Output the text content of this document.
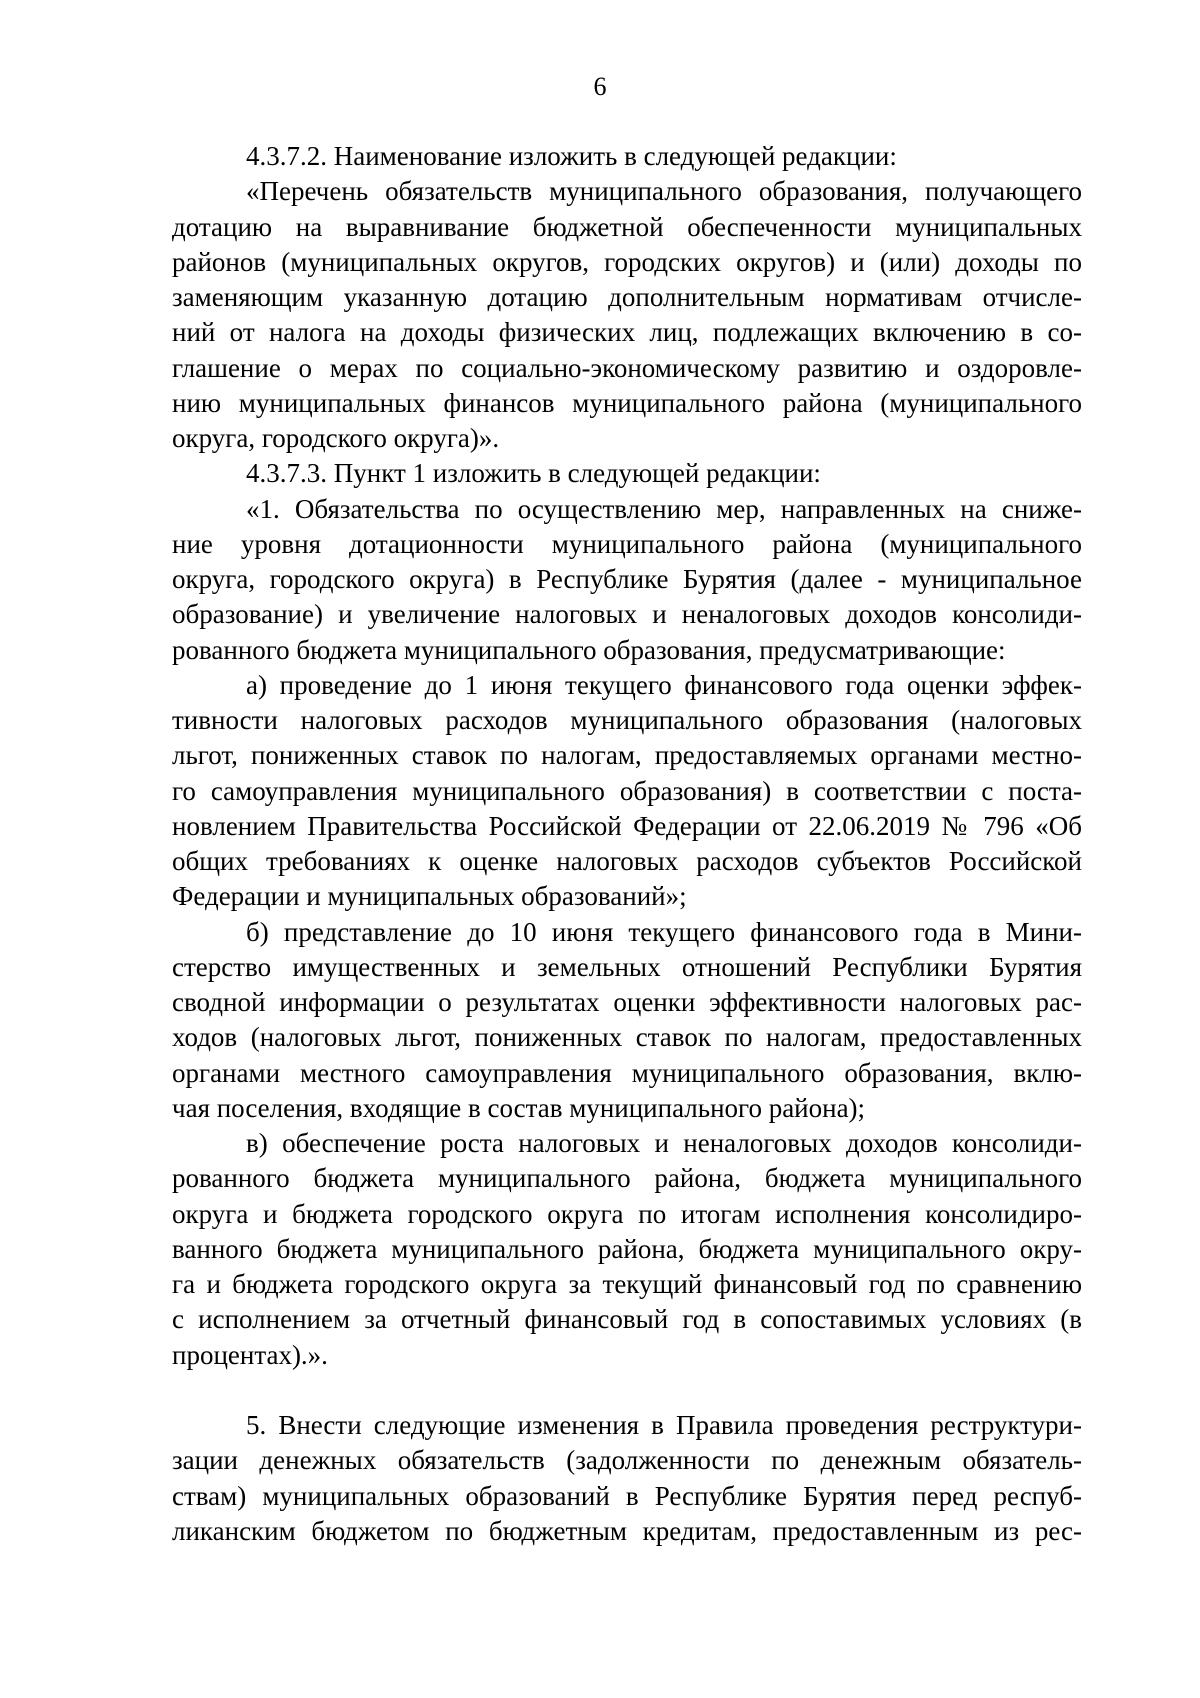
6
4.3.7.2. Наименование изложить в следующей редакции:
«Перечень обязательств муниципального образования, получающего
дотацию на выравнивание бюджетной обеспеченности муниципальных
районов (муниципальных округов, городских округов) и (или) доходы по
заменяющим указанную дотацию дополнительным нормативам отчисле-
ний от налога на доходы физических лиц, подлежащих включению в со-
глашение о мерах по социально-экономическому развитию и оздоровле-
нию муниципальных финансов муниципального района (муниципального
округа, городского округа)».
4.3.7.3. Пункт 1 изложить в следующей редакции:
«1. Обязательства по осуществлению мер, направленных на сниже-
ние уровня дотационности муниципального района (муниципального
округа, городского округа) в Республике Бурятия (далее - муниципальное
образование) и увеличение налоговых и неналоговых доходов консолиди-
рованного бюджета муниципального образования, предусматривающие:
а) проведение до 1 июня текущего финансового года оценки эффек-
тивности налоговых расходов муниципального образования (налоговых
льгот, пониженных ставок по налогам, предоставляемых органами местно-
го самоуправления муниципального образования) в соответствии с поста-
новлением Правительства Российской Федерации от 22.06.2019 № 796 «Об
общих требованиях к оценке налоговых расходов субъектов Российской
Федерации и муниципальных образований»;
б) представление до 10 июня текущего финансового года в Мини-
стерство имущественных и земельных отношений Республики Бурятия
сводной информации о результатах оценки эффективности налоговых рас-
ходов (налоговых льгот, пониженных ставок по налогам, предоставленных
органами местного самоуправления муниципального образования, вклю-
чая поселения, входящие в состав муниципального района);
в) обеспечение роста налоговых и неналоговых доходов консолиди-
рованного бюджета муниципального района, бюджета муниципального
округа и бюджета городского округа по итогам исполнения консолидиро-
ванного бюджета муниципального района, бюджета муниципального окру-
га и бюджета городского округа за текущий финансовый год по сравнению
с исполнением за отчетный финансовый год в сопоставимых условиях (в
процентах).».
5. Внести следующие изменения в Правила проведения реструктури-
зации денежных обязательств (задолженности по денежным обязатель-
ствам) муниципальных образований в Республике Бурятия перед респуб-
ликанским бюджетом по бюджетным кредитам, предоставленным из рес-
